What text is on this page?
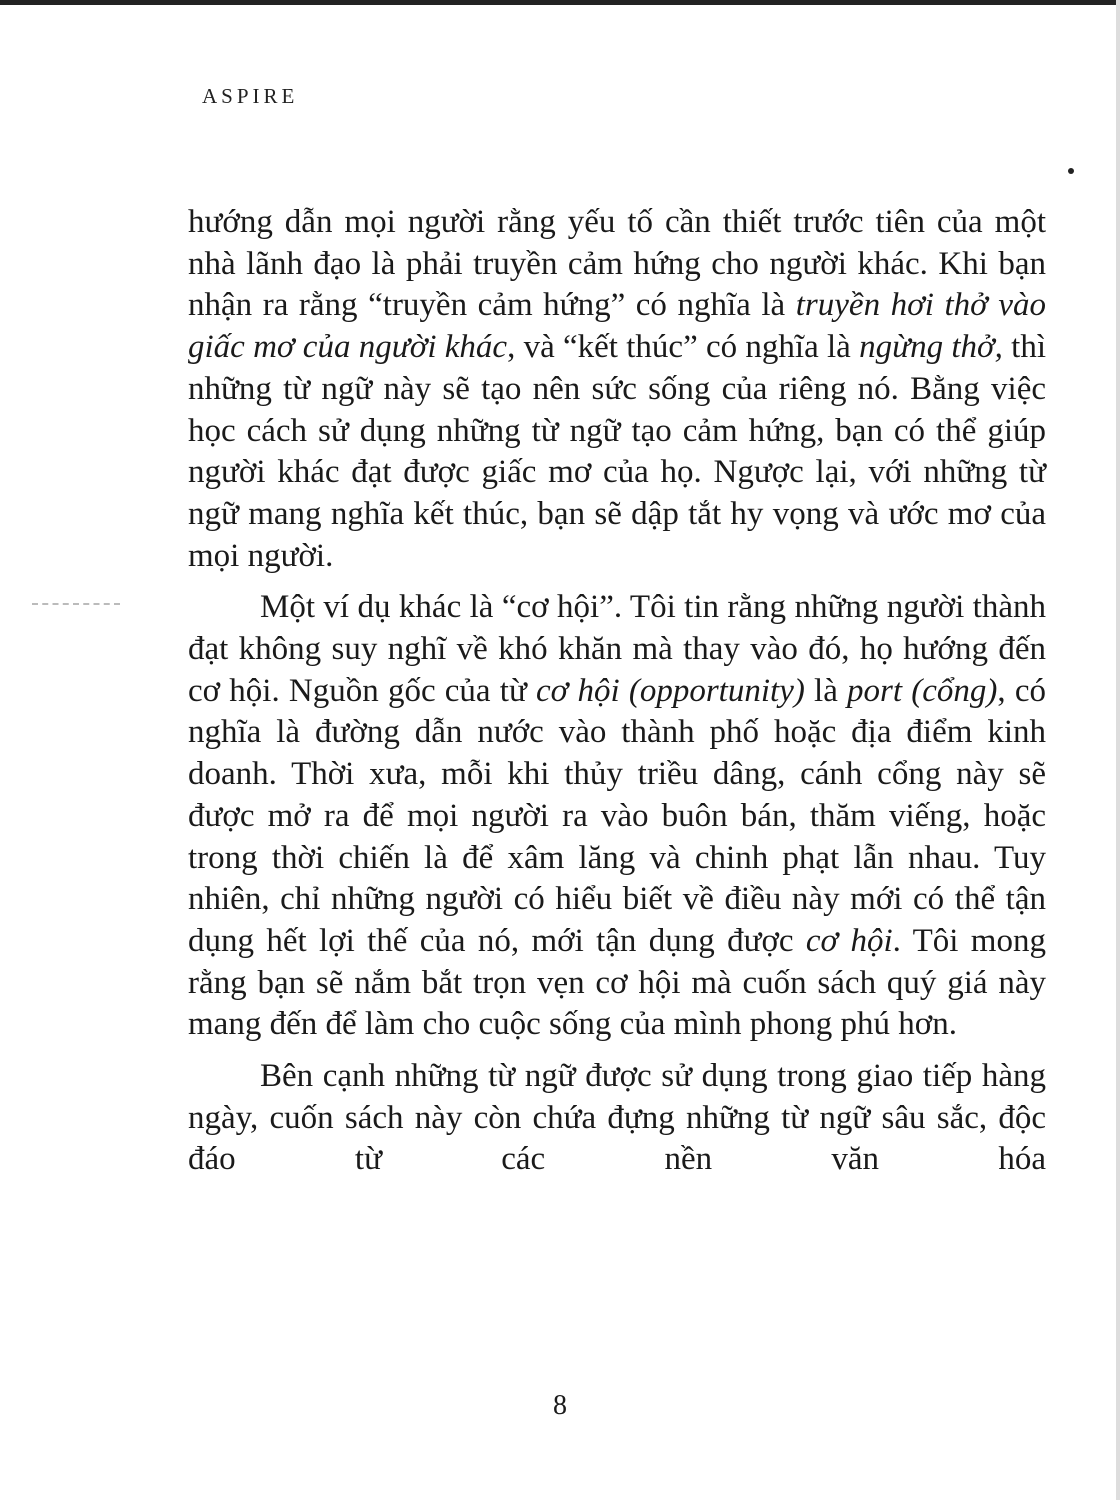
ASPIRE

hướng dẫn mọi người rằng yếu tố cần thiết trước tiên của một nhà lãnh đạo là phải truyền cảm hứng cho người khác. Khi bạn nhận ra rằng “truyền cảm hứng” có nghĩa là truyền hơi thở vào giấc mơ của người khác, và “kết thúc” có nghĩa là ngừng thở, thì những từ ngữ này sẽ tạo nên sức sống của riêng nó. Bằng việc học cách sử dụng những từ ngữ tạo cảm hứng, bạn có thể giúp người khác đạt được giấc mơ của họ. Ngược lại, với những từ ngữ mang nghĩa kết thúc, bạn sẽ dập tắt hy vọng và ước mơ của mọi người.

Một ví dụ khác là “cơ hội”. Tôi tin rằng những người thành đạt không suy nghĩ về khó khăn mà thay vào đó, họ hướng đến cơ hội. Nguồn gốc của từ cơ hội (opportunity) là port (cổng), có nghĩa là đường dẫn nước vào thành phố hoặc địa điểm kinh doanh. Thời xưa, mỗi khi thủy triều dâng, cánh cổng này sẽ được mở ra để mọi người ra vào buôn bán, thăm viếng, hoặc trong thời chiến là để xâm lăng và chinh phạt lẫn nhau. Tuy nhiên, chỉ những người có hiểu biết về điều này mới có thể tận dụng hết lợi thế của nó, mới tận dụng được cơ hội. Tôi mong rằng bạn sẽ nắm bắt trọn vẹn cơ hội mà cuốn sách quý giá này mang đến để làm cho cuộc sống của mình phong phú hơn.

Bên cạnh những từ ngữ được sử dụng trong giao tiếp hàng ngày, cuốn sách này còn chứa đựng những từ ngữ sâu sắc, độc đáo từ các nền văn hóa

8
